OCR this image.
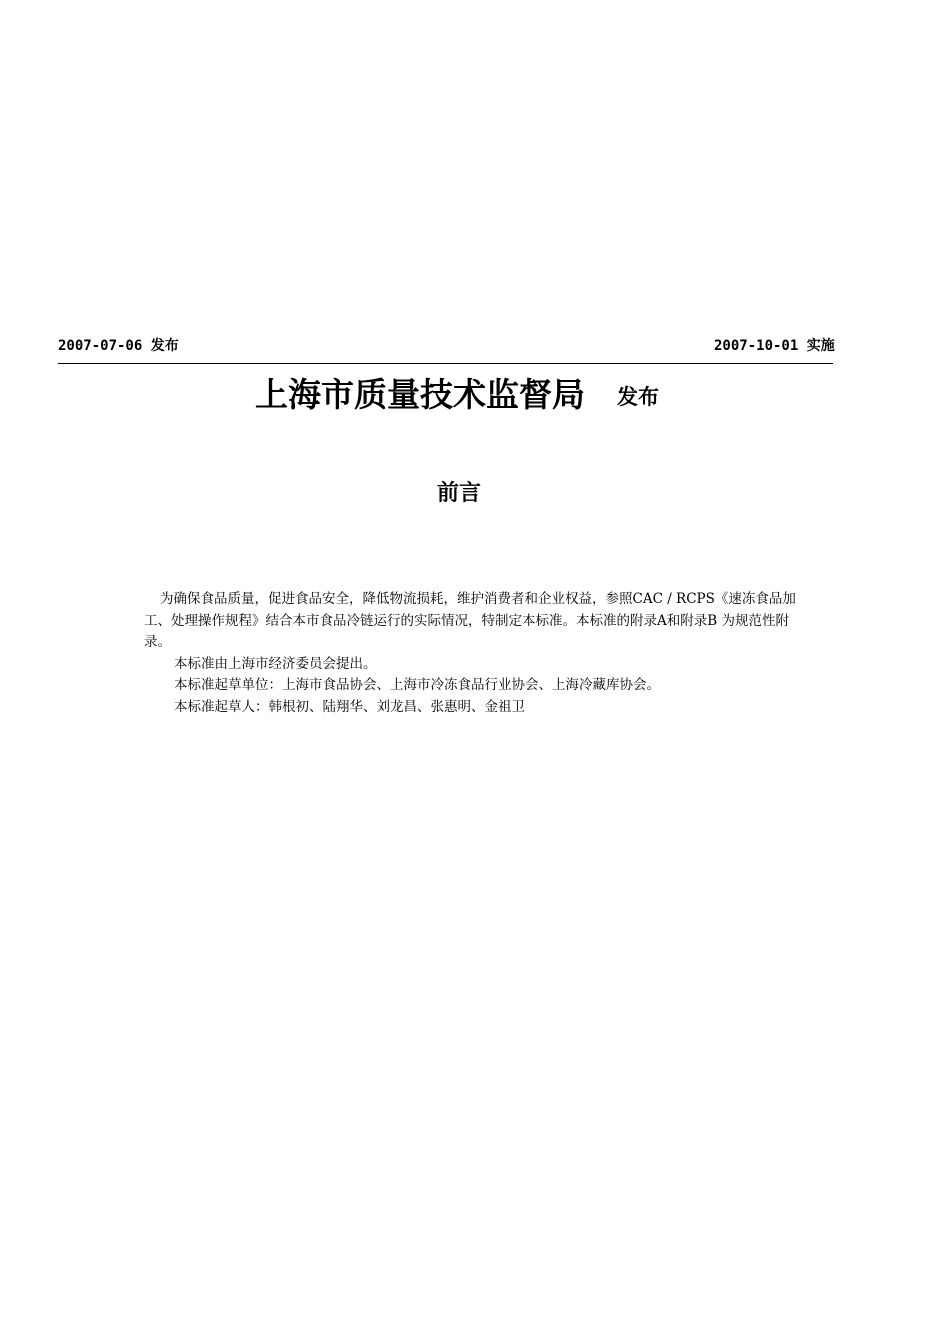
2007-07-06 发布	2007-10-01 实施
上海市质量技术监督局 发布
前言

为确保食品质量，促进食品安全，降低物流损耗，维护消费者和企业权益，参照CAC / RCPS《速冻食品加工、处理操作规程》结合本市食品冷链运行的实际情况，特制定本标准。本标准的附录A和附录B 为规范性附录。

本标准由上海市经济委员会提出。

本标准起草单位：上海市食品协会、上海市冷冻食品行业协会、上海冷藏库协会。

本标准起草人：韩根初、陆翔华、刘龙昌、张惠明、金祖卫
